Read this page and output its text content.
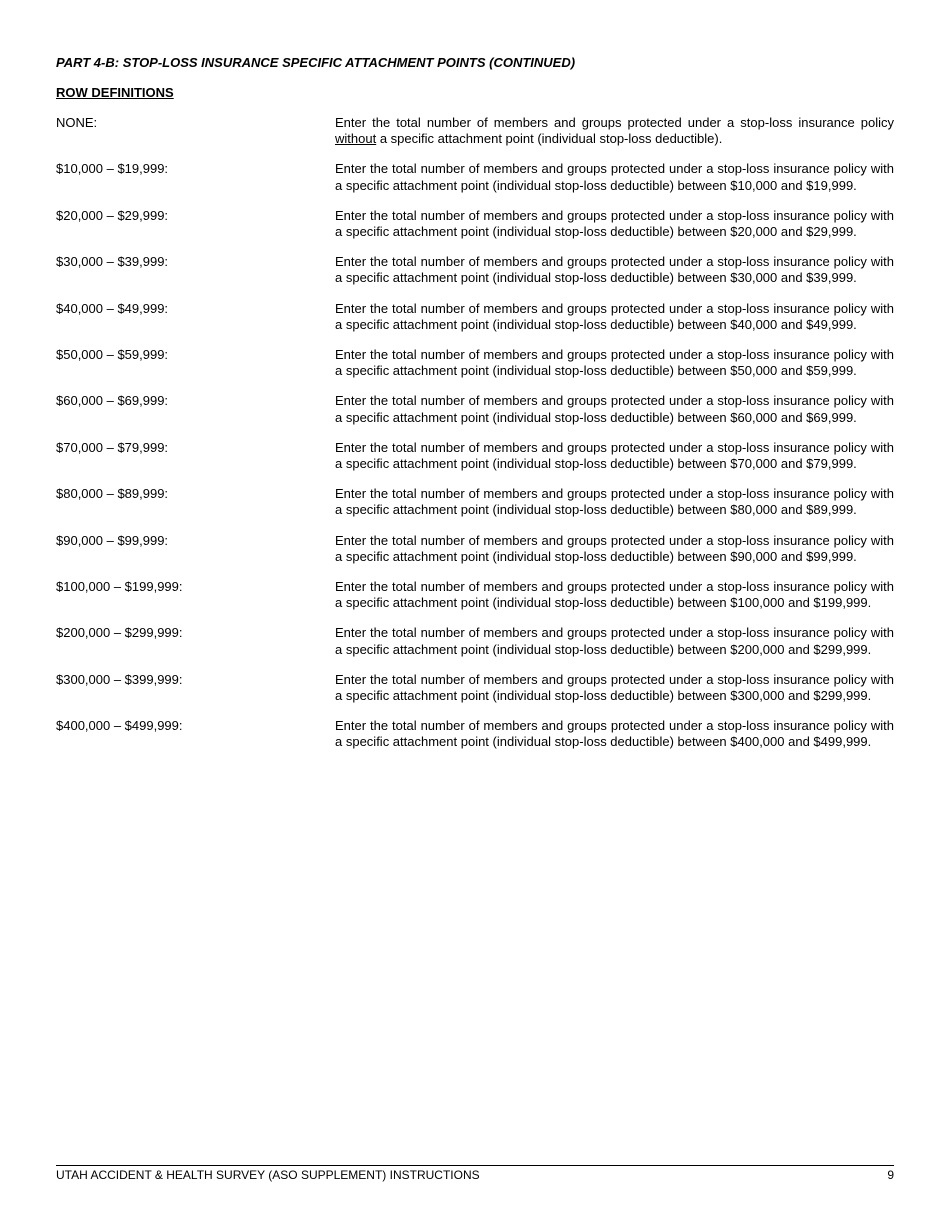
PART 4-B: STOP-LOSS INSURANCE SPECIFIC ATTACHMENT POINTS (CONTINUED)
ROW DEFINITIONS
NONE:	Enter the total number of members and groups protected under a stop-loss insurance policy without a specific attachment point (individual stop-loss deductible).
$10,000 – $19,999:	Enter the total number of members and groups protected under a stop-loss insurance policy with a specific attachment point (individual stop-loss deductible) between $10,000 and $19,999.
$20,000 – $29,999:	Enter the total number of members and groups protected under a stop-loss insurance policy with a specific attachment point (individual stop-loss deductible) between $20,000 and $29,999.
$30,000 – $39,999:	Enter the total number of members and groups protected under a stop-loss insurance policy with a specific attachment point (individual stop-loss deductible) between $30,000 and $39,999.
$40,000 – $49,999:	Enter the total number of members and groups protected under a stop-loss insurance policy with a specific attachment point (individual stop-loss deductible) between $40,000 and $49,999.
$50,000 – $59,999:	Enter the total number of members and groups protected under a stop-loss insurance policy with a specific attachment point (individual stop-loss deductible) between $50,000 and $59,999.
$60,000 – $69,999:	Enter the total number of members and groups protected under a stop-loss insurance policy with a specific attachment point (individual stop-loss deductible) between $60,000 and $69,999.
$70,000 – $79,999:	Enter the total number of members and groups protected under a stop-loss insurance policy with a specific attachment point (individual stop-loss deductible) between $70,000 and $79,999.
$80,000 – $89,999:	Enter the total number of members and groups protected under a stop-loss insurance policy with a specific attachment point (individual stop-loss deductible) between $80,000 and $89,999.
$90,000 – $99,999:	Enter the total number of members and groups protected under a stop-loss insurance policy with a specific attachment point (individual stop-loss deductible) between $90,000 and $99,999.
$100,000 – $199,999:	Enter the total number of members and groups protected under a stop-loss insurance policy with a specific attachment point (individual stop-loss deductible) between $100,000 and $199,999.
$200,000 – $299,999:	Enter the total number of members and groups protected under a stop-loss insurance policy with a specific attachment point (individual stop-loss deductible) between $200,000 and $299,999.
$300,000 – $399,999:	Enter the total number of members and groups protected under a stop-loss insurance policy with a specific attachment point (individual stop-loss deductible) between $300,000 and $299,999.
$400,000 – $499,999:	Enter the total number of members and groups protected under a stop-loss insurance policy with a specific attachment point (individual stop-loss deductible) between $400,000 and $499,999.
UTAH ACCIDENT & HEALTH SURVEY (ASO SUPPLEMENT) INSTRUCTIONS	9
